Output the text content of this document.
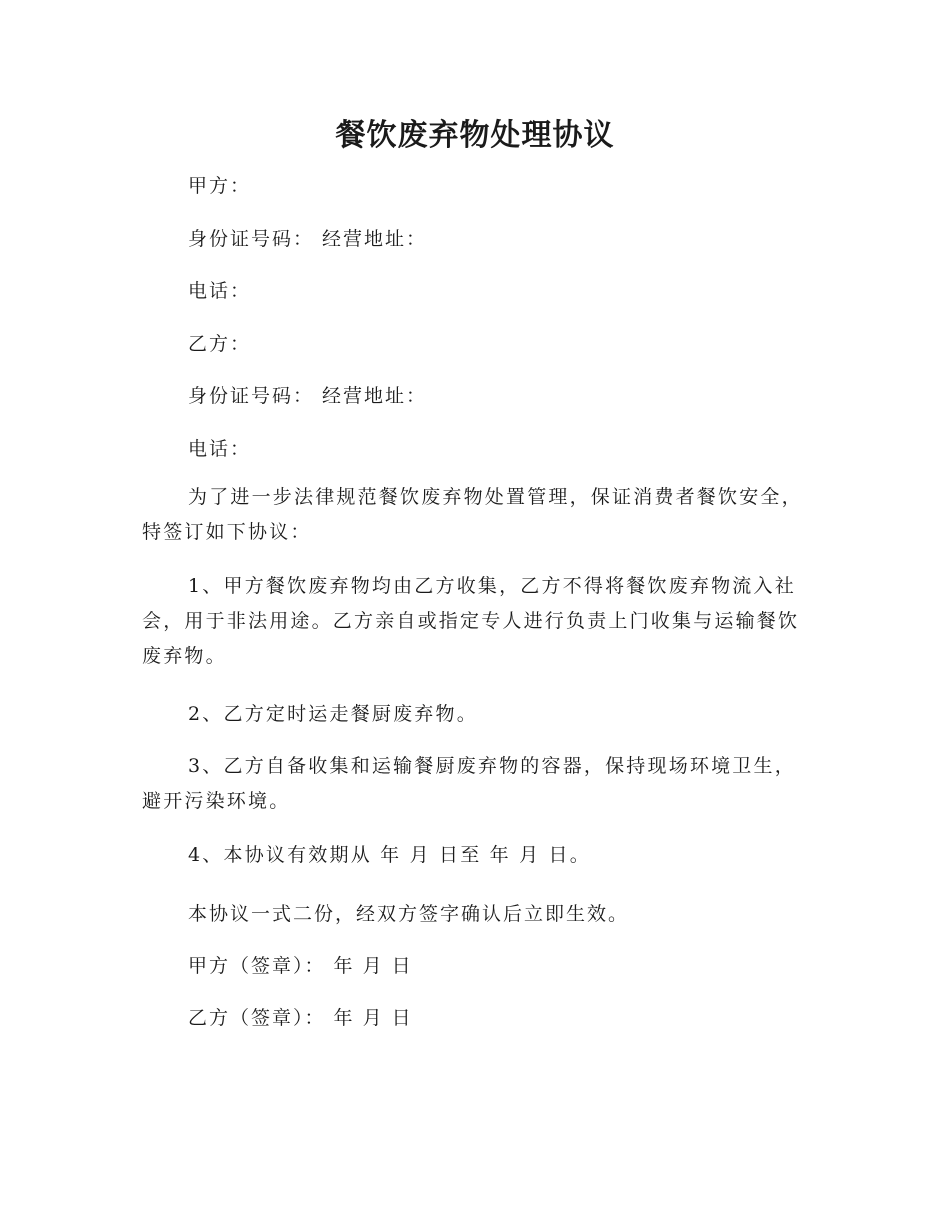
餐饮废弃物处理协议
甲方：
身份证号码： 经营地址：
电话：
乙方：
身份证号码： 经营地址：
电话：
为了进一步法律规范餐饮废弃物处置管理，保证消费者餐饮安全，特签订如下协议：
1、甲方餐饮废弃物均由乙方收集，乙方不得将餐饮废弃物流入社会，用于非法用途。乙方亲自或指定专人进行负责上门收集与运输餐饮废弃物。
2、乙方定时运走餐厨废弃物。
3、乙方自备收集和运输餐厨废弃物的容器，保持现场环境卫生，避开污染环境。
4、本协议有效期从 年 月 日至 年 月 日。
本协议一式二份，经双方签字确认后立即生效。
甲方（签章）： 年 月 日
乙方（签章）： 年 月 日
